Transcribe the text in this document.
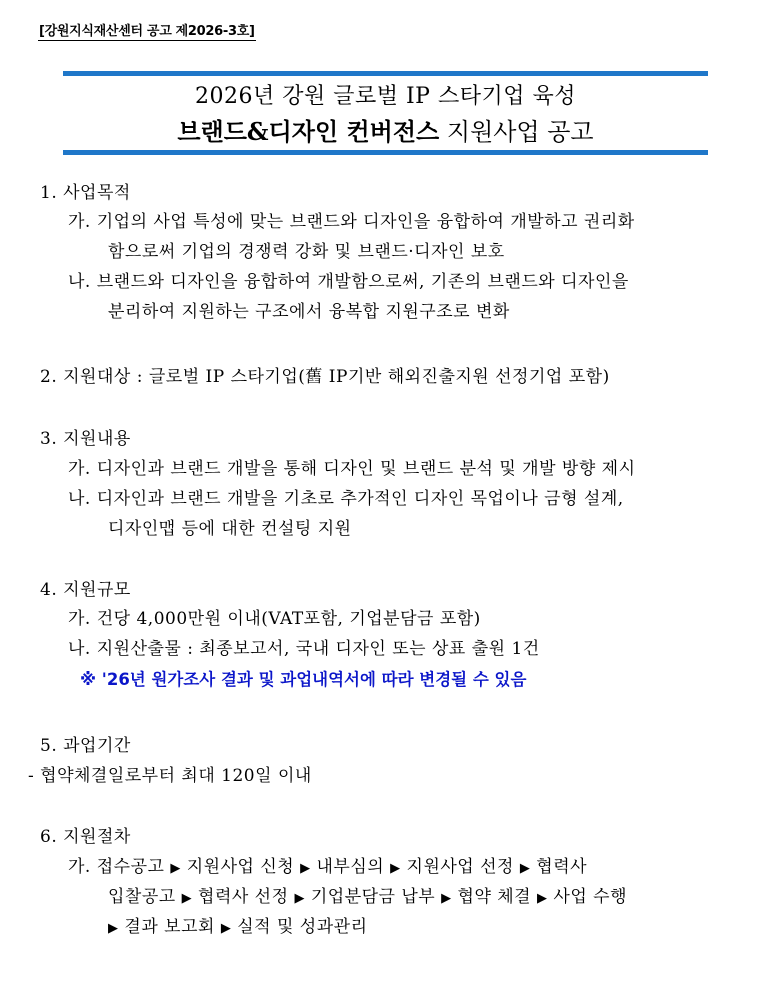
[강원지식재산센터 공고 제2026-3호]
2026년 강원 글로벌 IP 스타기업 육성
브랜드&디자인 컨버전스 지원사업 공고
1. 사업목적
가. 기업의 사업 특성에 맞는 브랜드와 디자인을 융합하여 개발하고 권리화
함으로써 기업의 경쟁력 강화 및 브랜드·디자인 보호
나. 브랜드와 디자인을 융합하여 개발함으로써, 기존의 브랜드와 디자인을
분리하여 지원하는 구조에서 융복합 지원구조로 변화
2. 지원대상 : 글로벌 IP 스타기업(舊 IP기반 해외진출지원 선정기업 포함)
3. 지원내용
가. 디자인과 브랜드 개발을 통해 디자인 및 브랜드 분석 및 개발 방향 제시
나. 디자인과 브랜드 개발을 기초로 추가적인 디자인 목업이나 금형 설계,
디자인맵 등에 대한 컨설팅 지원
4. 지원규모
가. 건당 4,000만원 이내(VAT포함, 기업분담금 포함)
나. 지원산출물 : 최종보고서, 국내 디자인 또는 상표 출원 1건
※ '26년 원가조사 결과 및 과업내역서에 따라 변경될 수 있음
5. 과업기간
- 협약체결일로부터 최대 120일 이내
6. 지원절차
가. 접수공고 ▶ 지원사업 신청 ▶ 내부심의 ▶ 지원사업 선정 ▶ 협력사
입찰공고 ▶ 협력사 선정 ▶ 기업분담금 납부 ▶ 협약 체결 ▶ 사업 수행
▶ 결과 보고회 ▶ 실적 및 성과관리
